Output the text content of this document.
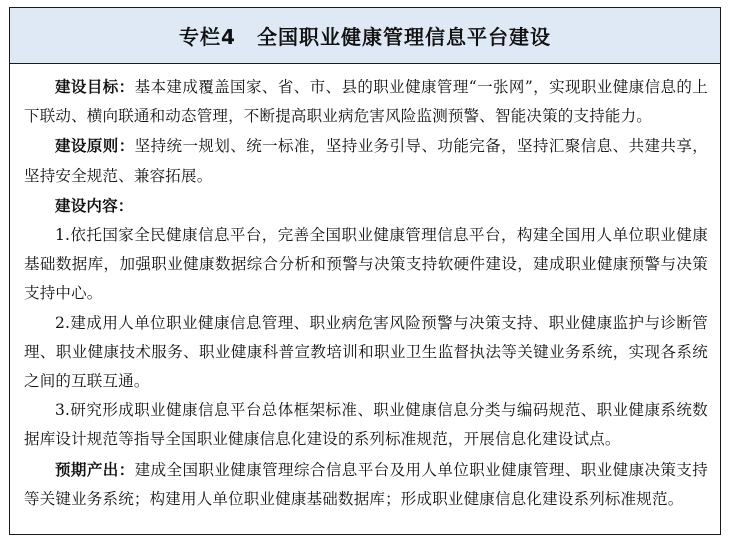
专栏4　全国职业健康管理信息平台建设

建设目标：基本建成覆盖国家、省、市、县的职业健康管理“一张网”，实现职业健康信息的上下联动、横向联通和动态管理，不断提高职业病危害风险监测预警、智能决策的支持能力。

建设原则：坚持统一规划、统一标准，坚持业务引导、功能完备，坚持汇聚信息、共建共享，坚持安全规范、兼容拓展。

建设内容：

1.依托国家全民健康信息平台，完善全国职业健康管理信息平台，构建全国用人单位职业健康基础数据库，加强职业健康数据综合分析和预警与决策支持软硬件建设，建成职业健康预警与决策支持中心。

2.建成用人单位职业健康信息管理、职业病危害风险预警与决策支持、职业健康监护与诊断管理、职业健康技术服务、职业健康科普宣教培训和职业卫生监督执法等关键业务系统，实现各系统之间的互联互通。

3.研究形成职业健康信息平台总体框架标准、职业健康信息分类与编码规范、职业健康系统数据库设计规范等指导全国职业健康信息化建设的系列标准规范，开展信息化建设试点。

预期产出：建成全国职业健康管理综合信息平台及用人单位职业健康管理、职业健康决策支持等关键业务系统；构建用人单位职业健康基础数据库；形成职业健康信息化建设系列标准规范。
